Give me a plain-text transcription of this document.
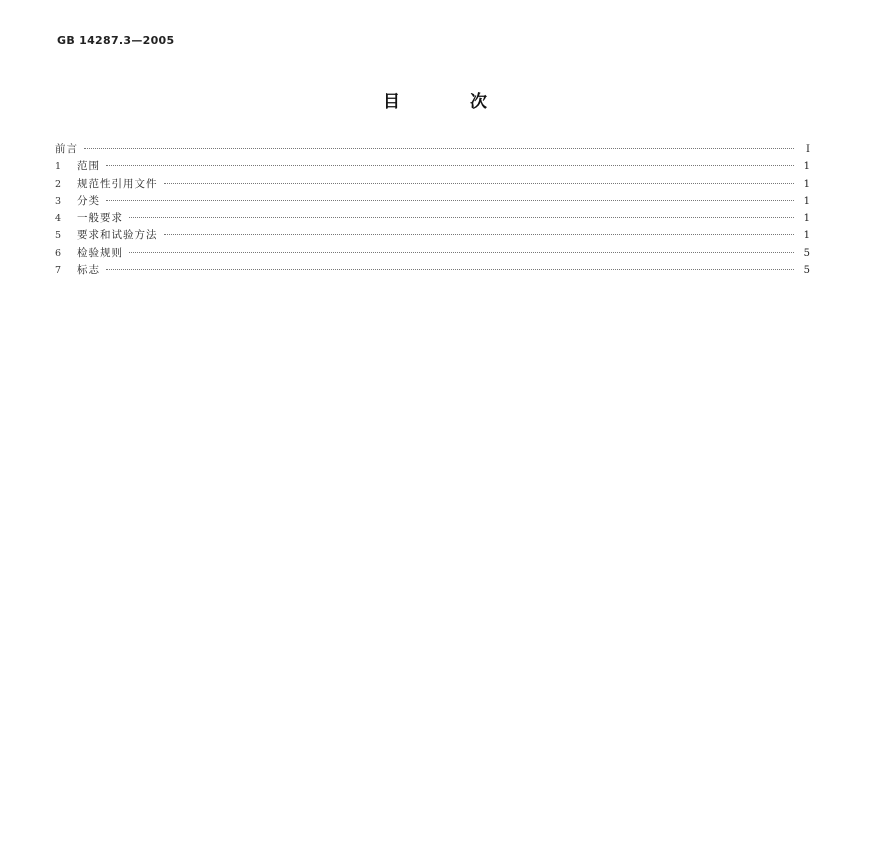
GB 14287.3—2005
目	次
前言	I
1	范围	1
2	规范性引用文件	1
3	分类	1
4	一般要求	1
5	要求和试验方法	1
6	检验规则	5
7	标志	5
